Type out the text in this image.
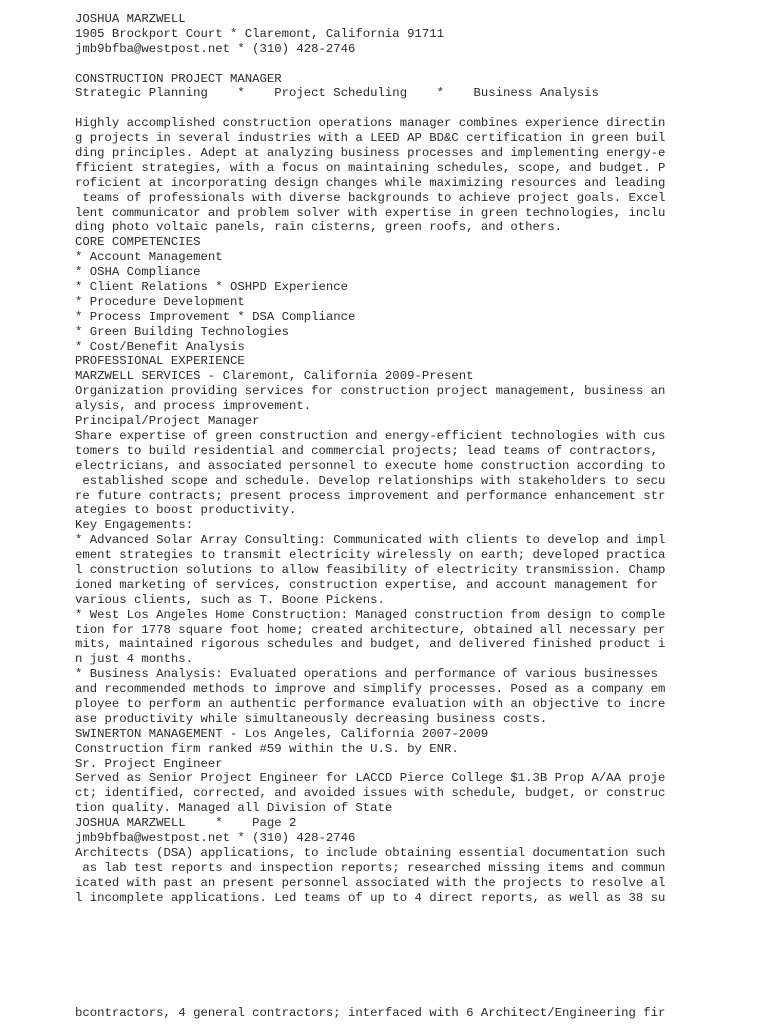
JOSHUA MARZWELL
1905 Brockport Court * Claremont, California 91711
jmb9bfba@westpost.net * (310) 428-2746
CONSTRUCTION PROJECT MANAGER
Strategic Planning    *    Project Scheduling    *    Business Analysis
Highly accomplished construction operations manager combines experience directin
g projects in several industries with a LEED AP BD&C certification in green buil
ding principles. Adept at analyzing business processes and implementing energy-e
fficient strategies, with a focus on maintaining schedules, scope, and budget. P
roficient at incorporating design changes while maximizing resources and leading
teams of professionals with diverse backgrounds to achieve project goals. Excel
lent communicator and problem solver with expertise in green technologies, inclu
ding photo voltaic panels, rain cisterns, green roofs, and others.
CORE COMPETENCIES
* Account Management
* OSHA Compliance
* Client Relations * OSHPD Experience
* Procedure Development
* Process Improvement * DSA Compliance
* Green Building Technologies
* Cost/Benefit Analysis
PROFESSIONAL EXPERIENCE
MARZWELL SERVICES - Claremont, California 2009-Present
Organization providing services for construction project management, business an
alysis, and process improvement.
Principal/Project Manager
Share expertise of green construction and energy-efficient technologies with cus
tomers to build residential and commercial projects; lead teams of contractors,
electricians, and associated personnel to execute home construction according to
established scope and schedule. Develop relationships with stakeholders to secu
re future contracts; present process improvement and performance enhancement str
ategies to boost productivity.
Key Engagements:
* Advanced Solar Array Consulting: Communicated with clients to develop and impl
ement strategies to transmit electricity wirelessly on earth; developed practica
l construction solutions to allow feasibility of electricity transmission. Champ
ioned marketing of services, construction expertise, and account management for
various clients, such as T. Boone Pickens.
* West Los Angeles Home Construction: Managed construction from design to comple
tion for 1778 square foot home; created architecture, obtained all necessary per
mits, maintained rigorous schedules and budget, and delivered finished product i
n just 4 months.
* Business Analysis: Evaluated operations and performance of various businesses
and recommended methods to improve and simplify processes. Posed as a company em
ployee to perform an authentic performance evaluation with an objective to incre
ase productivity while simultaneously decreasing business costs.
SWINERTON MANAGEMENT - Los Angeles, California 2007-2009
Construction firm ranked #59 within the U.S. by ENR.
Sr. Project Engineer
Served as Senior Project Engineer for LACCD Pierce College $1.3B Prop A/AA proje
ct; identified, corrected, and avoided issues with schedule, budget, or construc
tion quality. Managed all Division of State
JOSHUA MARZWELL    *    Page 2
jmb9bfba@westpost.net * (310) 428-2746
Architects (DSA) applications, to include obtaining essential documentation such
as lab test reports and inspection reports; researched missing items and commun
icated with past an present personnel associated with the projects to resolve al
l incomplete applications. Led teams of up to 4 direct reports, as well as 38 su
bcontractors, 4 general contractors; interfaced with 6 Architect/Engineering fir
